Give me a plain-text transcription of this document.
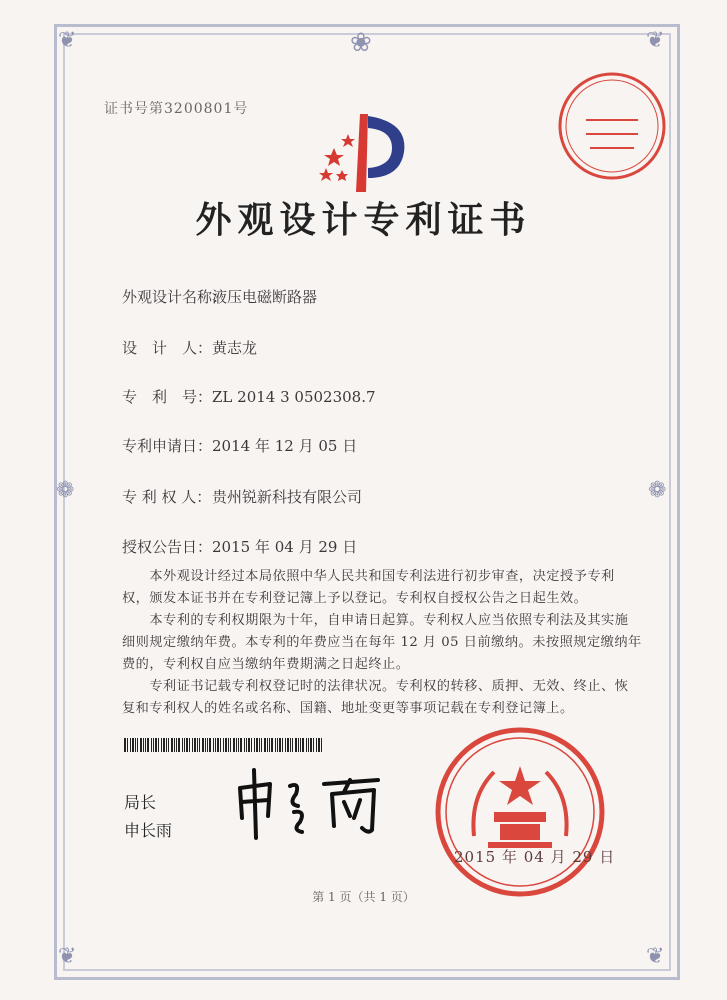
❦	❦
❀
❦	❦
❁	❁
证书号第3200801号
外观设计专利证书
外观设计名称：液压电磁断路器
设　计　人：黄志龙
专　利　号：ZL 2014 3 0502308.7
专利申请日：2014 年 12 月 05 日
专 利 权 人：贵州锐新科技有限公司
授权公告日：2015 年 04 月 29 日

　　本外观设计经过本局依照中华人民共和国专利法进行初步审查，决定授予专利权，颁发本证书并在专利登记簿上予以登记。专利权自授权公告之日起生效。

　　本专利的专利权期限为十年，自申请日起算。专利权人应当依照专利法及其实施细则规定缴纳年费。本专利的年费应当在每年 12 月 05 日前缴纳。未按照规定缴纳年费的，专利权自应当缴纳年费期满之日起终止。

　　专利证书记载专利权登记时的法律状况。专利权的转移、质押、无效、终止、恢复和专利权人的姓名或名称、国籍、地址变更等事项记载在专利登记簿上。

局长
申长雨
2015 年 04 月 29 日
第 1 页（共 1 页）
